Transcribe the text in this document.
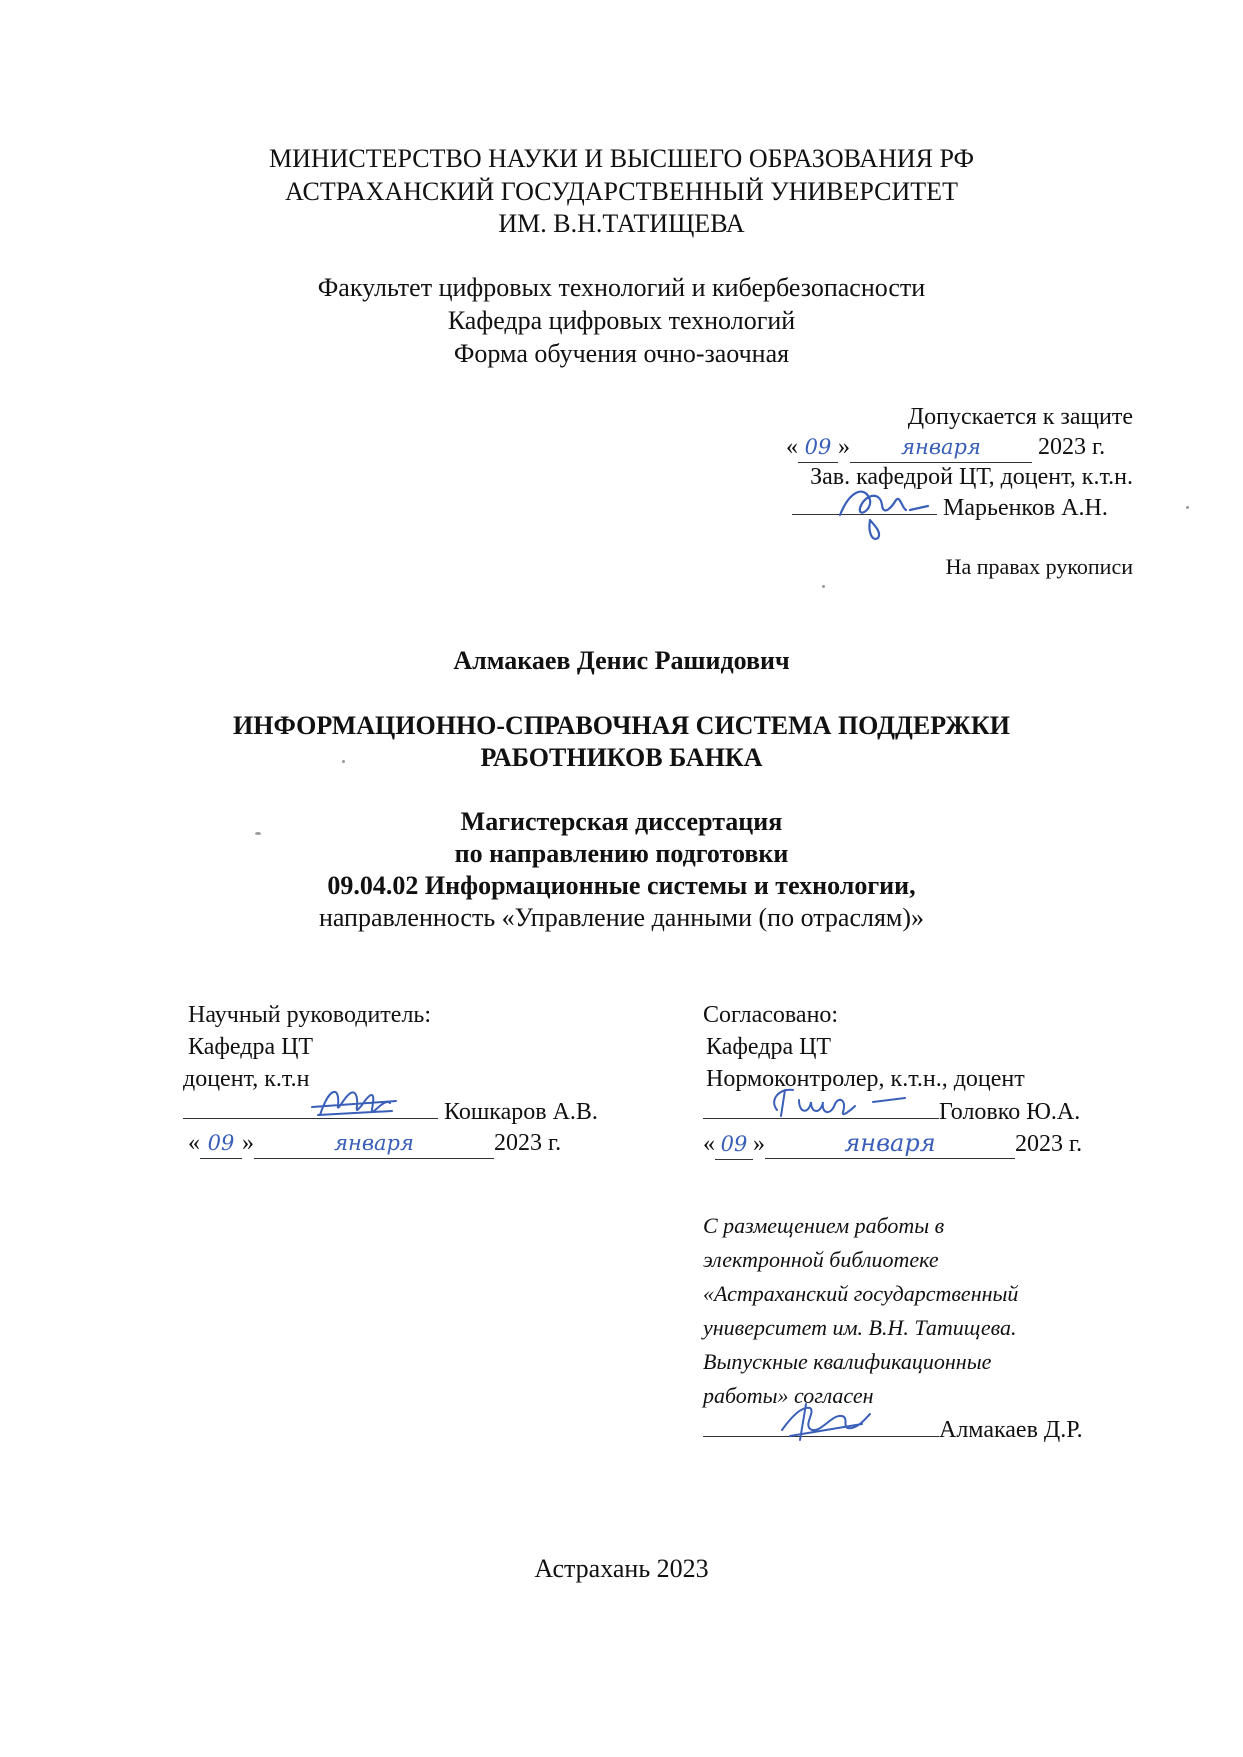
МИНИСТЕРСТВО НАУКИ И ВЫСШЕГО ОБРАЗОВАНИЯ РФ
АСТРАХАНСКИЙ ГОСУДАРСТВЕННЫЙ УНИВЕРСИТЕТ
ИМ. В.Н.ТАТИЩЕВА
Факультет цифровых технологий и кибербезопасности
Кафедра цифровых технологий
Форма обучения очно-заочная
Допускается к защите
« 09 » января 2023 г.
Зав. кафедрой ЦТ, доцент, к.т.н.
Марьенков А.Н.
На правах рукописи
Алмакаев Денис Рашидович
ИНФОРМАЦИОННО-СПРАВОЧНАЯ СИСТЕМА ПОДДЕРЖКИ
РАБОТНИКОВ БАНКА
Магистерская диссертация
по направлению подготовки
09.04.02 Информационные системы и технологии,
направленность «Управление данными (по отраслям)»
Научный руководитель:
Кафедра ЦТ
доцент, к.т.н
Кошкаров А.В.
« 09 »	января	2023 г.
Согласовано:
Кафедра ЦТ
Нормоконтролер, к.т.н., доцент
Головко Ю.А.
« 09 »	января	2023 г.
С размещением работы в
электронной библиотеке
«Астраханский государственный
университет им. В.Н. Татищева.
Выпускные квалификационные
работы» согласен
Алмакаев Д.Р.
Астрахань 2023
